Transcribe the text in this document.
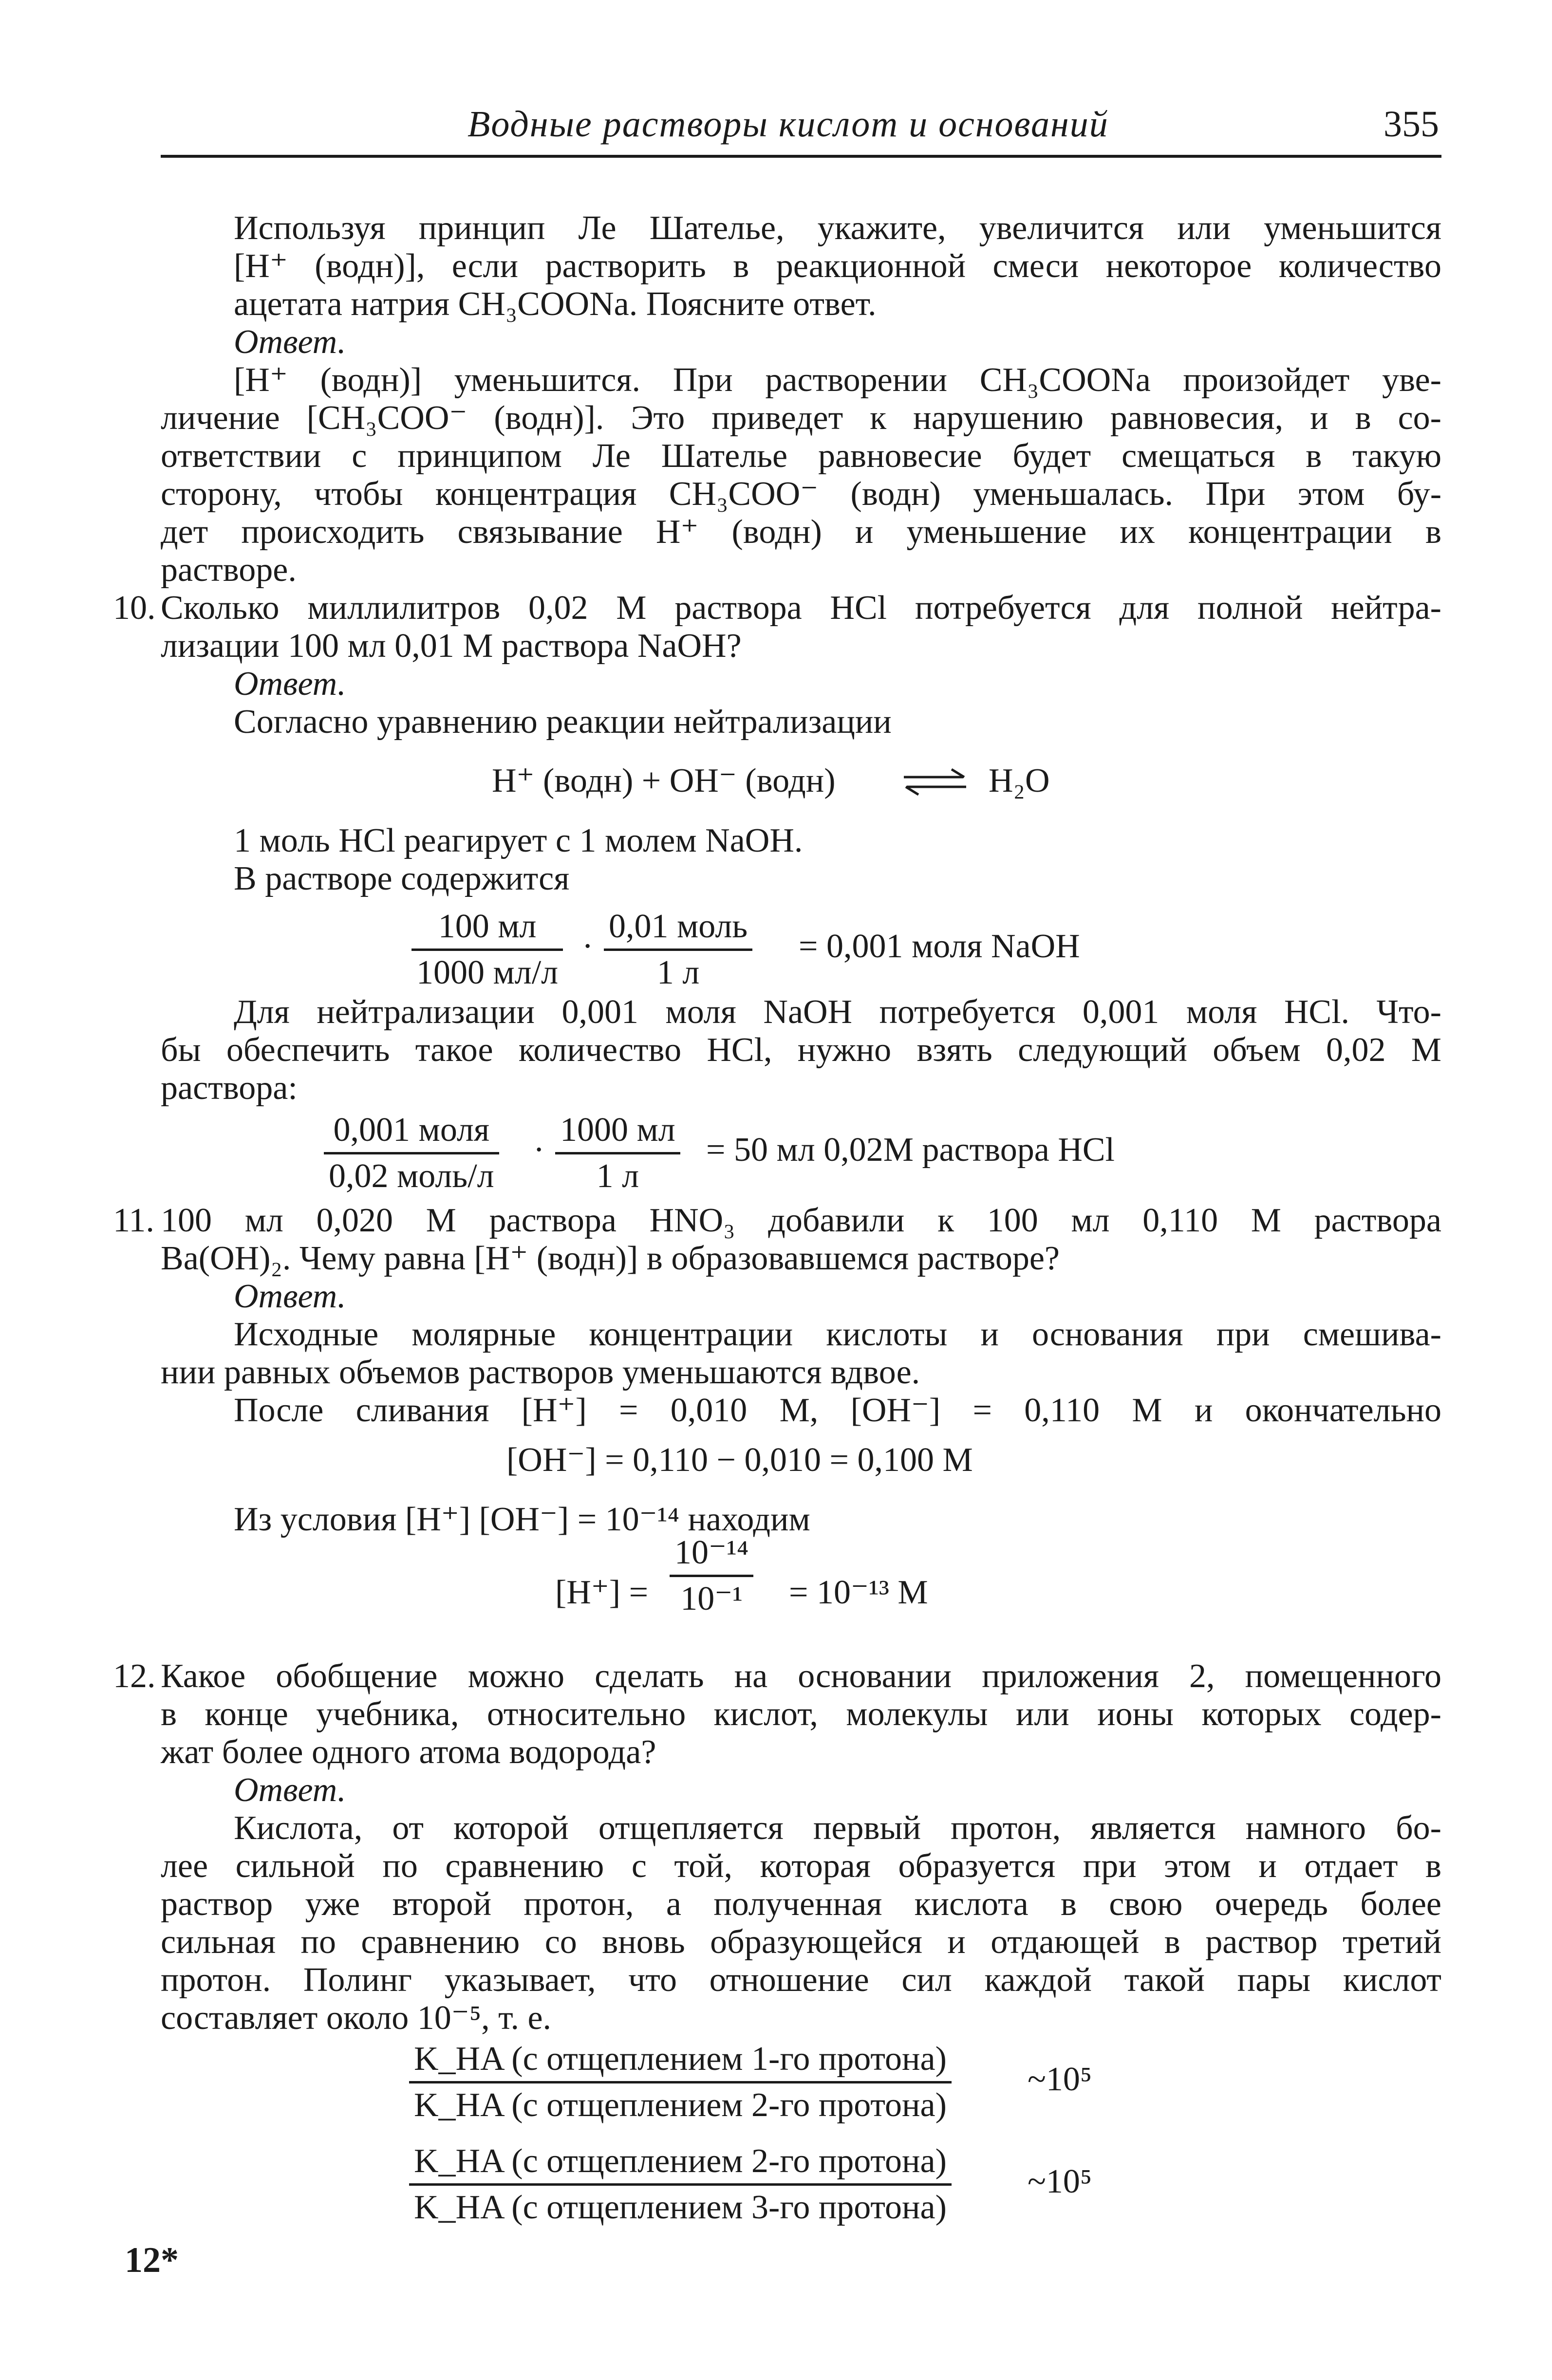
Водные растворы кислот и оснований	355
Используя принцип Ле Шателье, укажите, увеличится или уменьшится
[H⁺ (водн)], если растворить в реакционной смеси некоторое количество
ацетата натрия CH₃COONa. Поясните ответ.
Ответ.
[H⁺ (водн)] уменьшится. При растворении CH₃COONa произойдет уве-
личение [CH₃COO⁻ (водн)]. Это приведет к нарушению равновесия, и в со-
ответствии с принципом Ле Шателье равновесие будет смещаться в такую
сторону, чтобы концентрация CH₃COO⁻ (водн) уменьшалась. При этом бу-
дет происходить связывание H⁺ (водн) и уменьшение их концентрации в
растворе.
10. Сколько миллилитров 0,02 M раствора HCl потребуется для полной нейтра-
лизации 100 мл 0,01 M раствора NaOH?
Ответ.
Согласно уравнению реакции нейтрализации
H⁺ (водн) + OH⁻ (водн)	H₂O
1 моль HCl реагирует с 1 молем NaOH.
В растворе содержится
100 мл
1000 мл/л
·
0,01 моль
1 л
= 0,001 моля NaOH
Для нейтрализации 0,001 моля NaOH потребуется 0,001 моля HCl. Что-
бы обеспечить такое количество HCl, нужно взять следующий объем 0,02 M
раствора:
0,001 моля
0,02 моль/л
·
1000 мл
1 л
= 50 мл 0,02M раствора HCl
11. 100 мл 0,020 M раствора HNO₃ добавили к 100 мл 0,110 M раствора
Ba(OH)₂. Чему равна [H⁺ (водн)] в образовавшемся растворе?
Ответ.
Исходные молярные концентрации кислоты и основания при смешива-
нии равных объемов растворов уменьшаются вдвое.
После сливания [H⁺] = 0,010 M, [OH⁻] = 0,110 M и окончательно
[OH⁻] = 0,110 − 0,010 = 0,100 M
Из условия [H⁺] [OH⁻] = 10⁻¹⁴ находим
[H⁺] =
10⁻¹⁴
10⁻¹ = 10⁻¹³ M
12. Какое обобщение можно сделать на основании приложения 2, помещенного
в конце учебника, относительно кислот, молекулы или ионы которых содер-
жат более одного атома водорода?
Ответ.
Кислота, от которой отщепляется первый протон, является намного бо-
лее сильной по сравнению с той, которая образуется при этом и отдает в
раствор уже второй протон, а полученная кислота в свою очередь более
сильная по сравнению со вновь образующейся и отдающей в раствор третий
протон. Полинг указывает, что отношение сил каждой такой пары кислот
составляет около 10⁻⁵, т. е.
K_HA (с отщеплением 1-го протона)
K_HA (с отщеплением 2-го протона)
~10⁵
K_HA (с отщеплением 2-го протона)
K_HA (с отщеплением 3-го протона)
~10⁵
12*
